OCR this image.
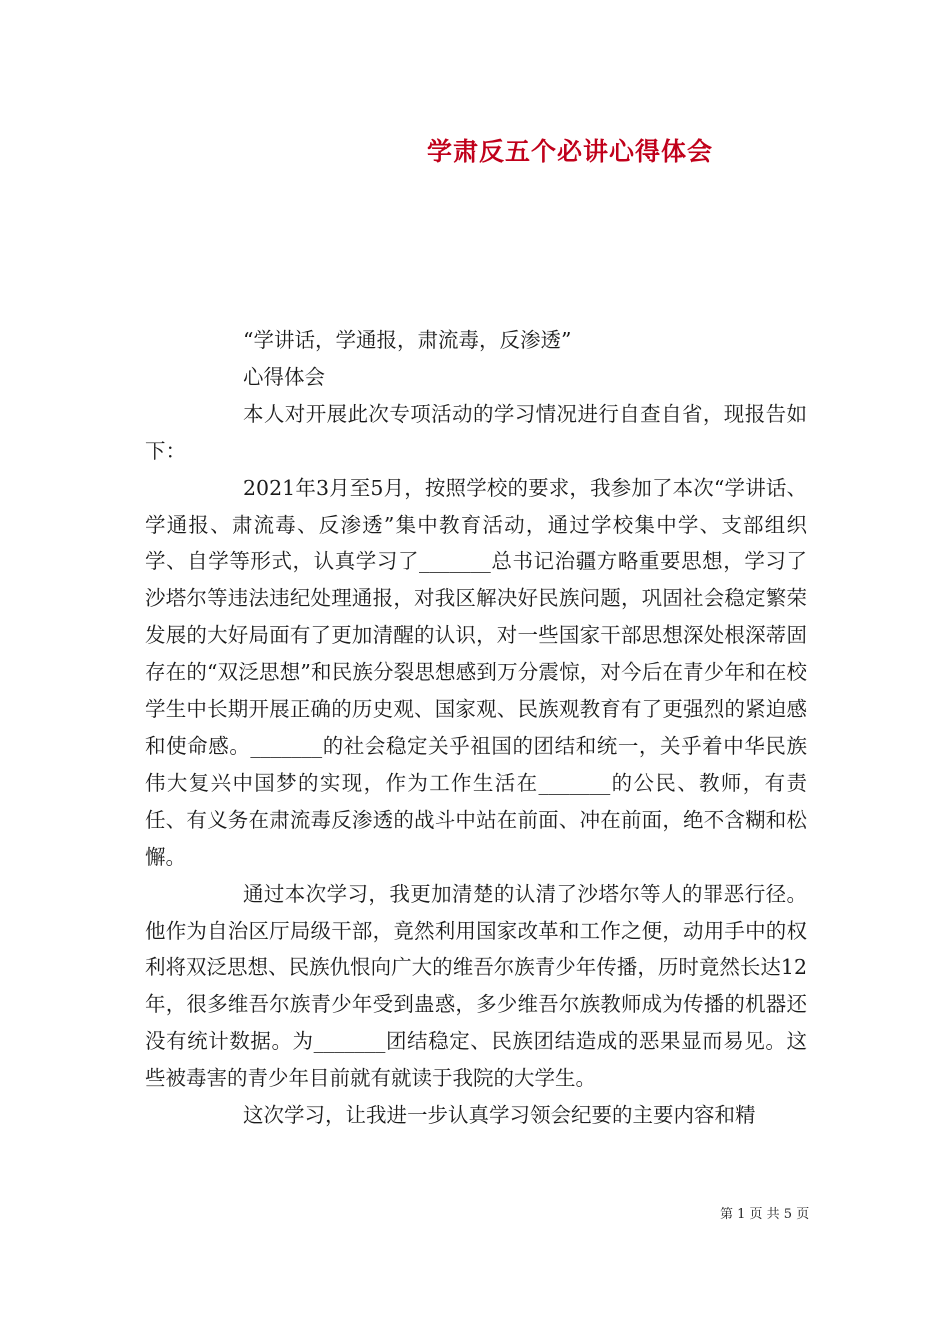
学肃反五个必讲心得体会

“学讲话，学通报，肃流毒，反渗透”

心得体会

本人对开展此次专项活动的学习情况进行自查自省，现报告如下：

2021年3月至5月，按照学校的要求，我参加了本次“学讲话、学通报、肃流毒、反渗透”集中教育活动，通过学校集中学、支部组织学、自学等形式，认真学习了_______总书记治疆方略重要思想，学习了沙塔尔等违法违纪处理通报，对我区解决好民族问题，巩固社会稳定繁荣发展的大好局面有了更加清醒的认识，对一些国家干部思想深处根深蒂固存在的“双泛思想”和民族分裂思想感到万分震惊，对今后在青少年和在校学生中长期开展正确的历史观、国家观、民族观教育有了更强烈的紧迫感和使命感。_______的社会稳定关乎祖国的团结和统一，关乎着中华民族伟大复兴中国梦的实现，作为工作生活在_______的公民、教师，有责任、有义务在肃流毒反渗透的战斗中站在前面、冲在前面，绝不含糊和松懈。

通过本次学习，我更加清楚的认清了沙塔尔等人的罪恶行径。他作为自治区厅局级干部，竟然利用国家改革和工作之便，动用手中的权利将双泛思想、民族仇恨向广大的维吾尔族青少年传播，历时竟然长达12年，很多维吾尔族青少年受到蛊惑，多少维吾尔族教师成为传播的机器还没有统计数据。为_______团结稳定、民族团结造成的恶果显而易见。这些被毒害的青少年目前就有就读于我院的大学生。

这次学习，让我进一步认真学习领会纪要的主要内容和精

第 1 页 共 5 页
